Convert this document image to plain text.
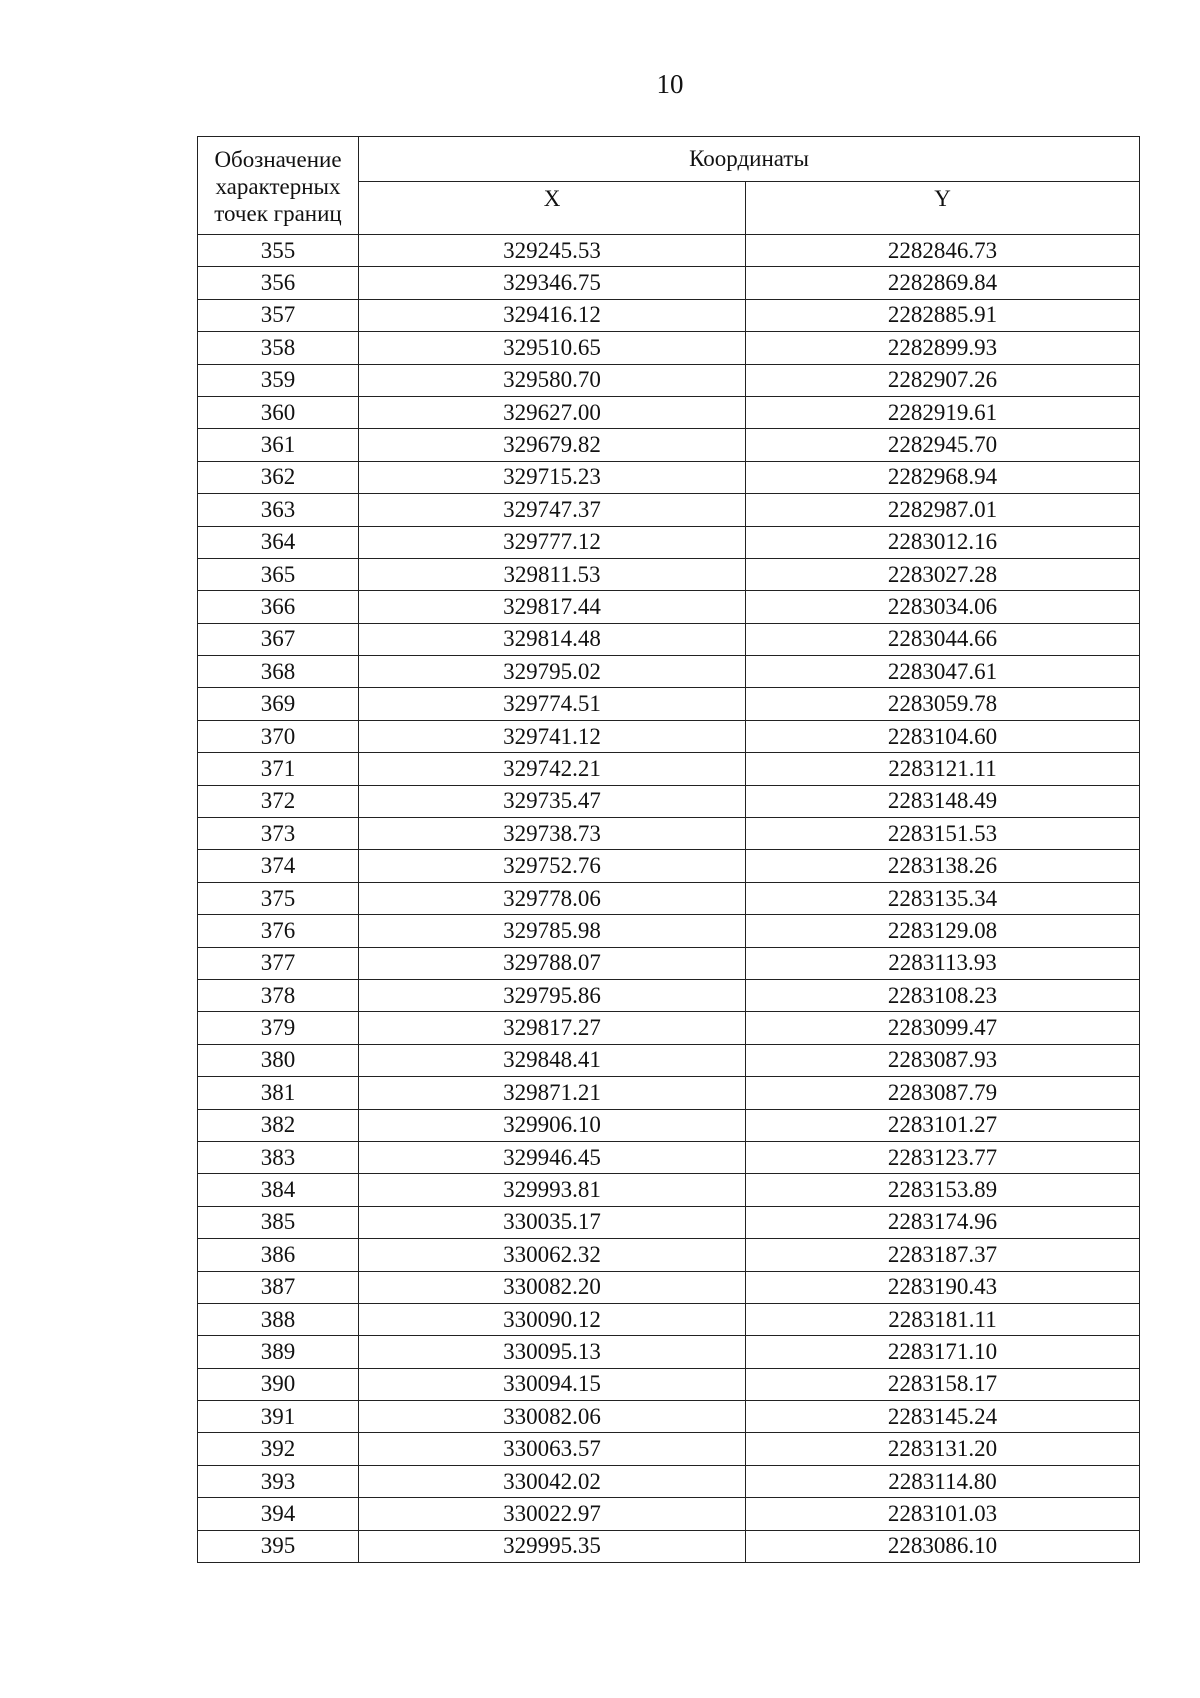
10
Обозначение
характерных
точек границ	Координаты	
	X	Y
355	329245.53	2282846.73
356	329346.75	2282869.84
357	329416.12	2282885.91
358	329510.65	2282899.93
359	329580.70	2282907.26
360	329627.00	2282919.61
361	329679.82	2282945.70
362	329715.23	2282968.94
363	329747.37	2282987.01
364	329777.12	2283012.16
365	329811.53	2283027.28
366	329817.44	2283034.06
367	329814.48	2283044.66
368	329795.02	2283047.61
369	329774.51	2283059.78
370	329741.12	2283104.60
371	329742.21	2283121.11
372	329735.47	2283148.49
373	329738.73	2283151.53
374	329752.76	2283138.26
375	329778.06	2283135.34
376	329785.98	2283129.08
377	329788.07	2283113.93
378	329795.86	2283108.23
379	329817.27	2283099.47
380	329848.41	2283087.93
381	329871.21	2283087.79
382	329906.10	2283101.27
383	329946.45	2283123.77
384	329993.81	2283153.89
385	330035.17	2283174.96
386	330062.32	2283187.37
387	330082.20	2283190.43
388	330090.12	2283181.11
389	330095.13	2283171.10
390	330094.15	2283158.17
391	330082.06	2283145.24
392	330063.57	2283131.20
393	330042.02	2283114.80
394	330022.97	2283101.03
395	329995.35	2283086.10
